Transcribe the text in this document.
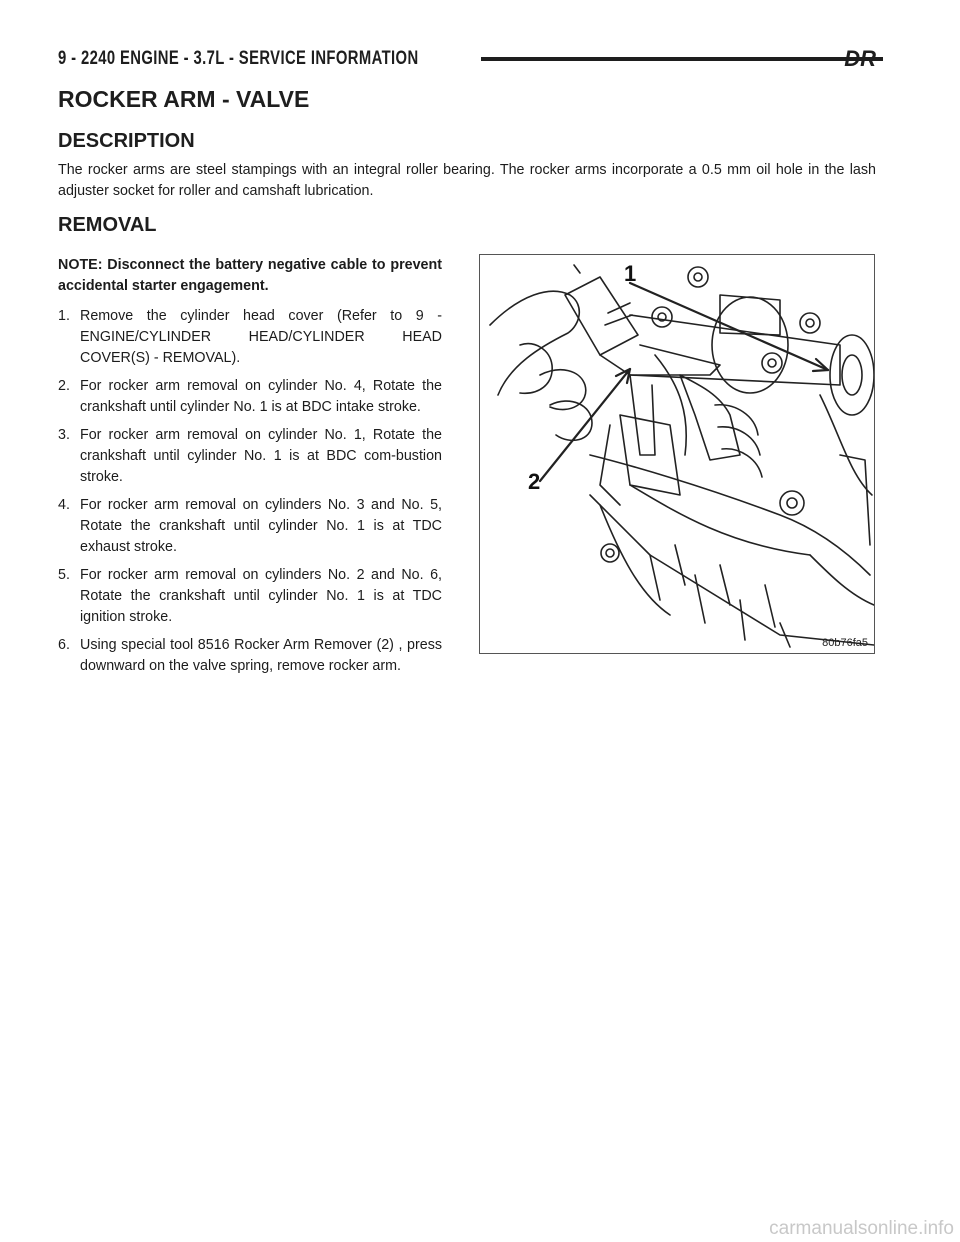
9 - 2240 ENGINE - 3.7L - SERVICE INFORMATION	DR
ROCKER ARM - VALVE
DESCRIPTION

The rocker arms are steel stampings with an integral roller bearing. The rocker arms incorporate a 0.5 mm oil hole in the lash adjuster socket for roller and camshaft lubrication.

REMOVAL

NOTE: Disconnect the battery negative cable to prevent accidental starter engagement.

1. Remove the cylinder head cover (Refer to 9 - ENGINE/CYLINDER HEAD/CYLINDER HEAD COVER(S) - REMOVAL).
2. For rocker arm removal on cylinder No. 4, Rotate the crankshaft until cylinder No. 1 is at BDC intake stroke.
3. For rocker arm removal on cylinder No. 1, Rotate the crankshaft until cylinder No. 1 is at BDC com-bustion stroke.
4. For rocker arm removal on cylinders No. 3 and No. 5, Rotate the crankshaft until cylinder No. 1 is at TDC exhaust stroke.
5. For rocker arm removal on cylinders No. 2 and No. 6, Rotate the crankshaft until cylinder No. 1 is at TDC ignition stroke.
6. Using special tool 8516 Rocker Arm Remover (2) , press downward on the valve spring, remove rocker arm.
1
2
80b76fa5
carmanualsonline.info
